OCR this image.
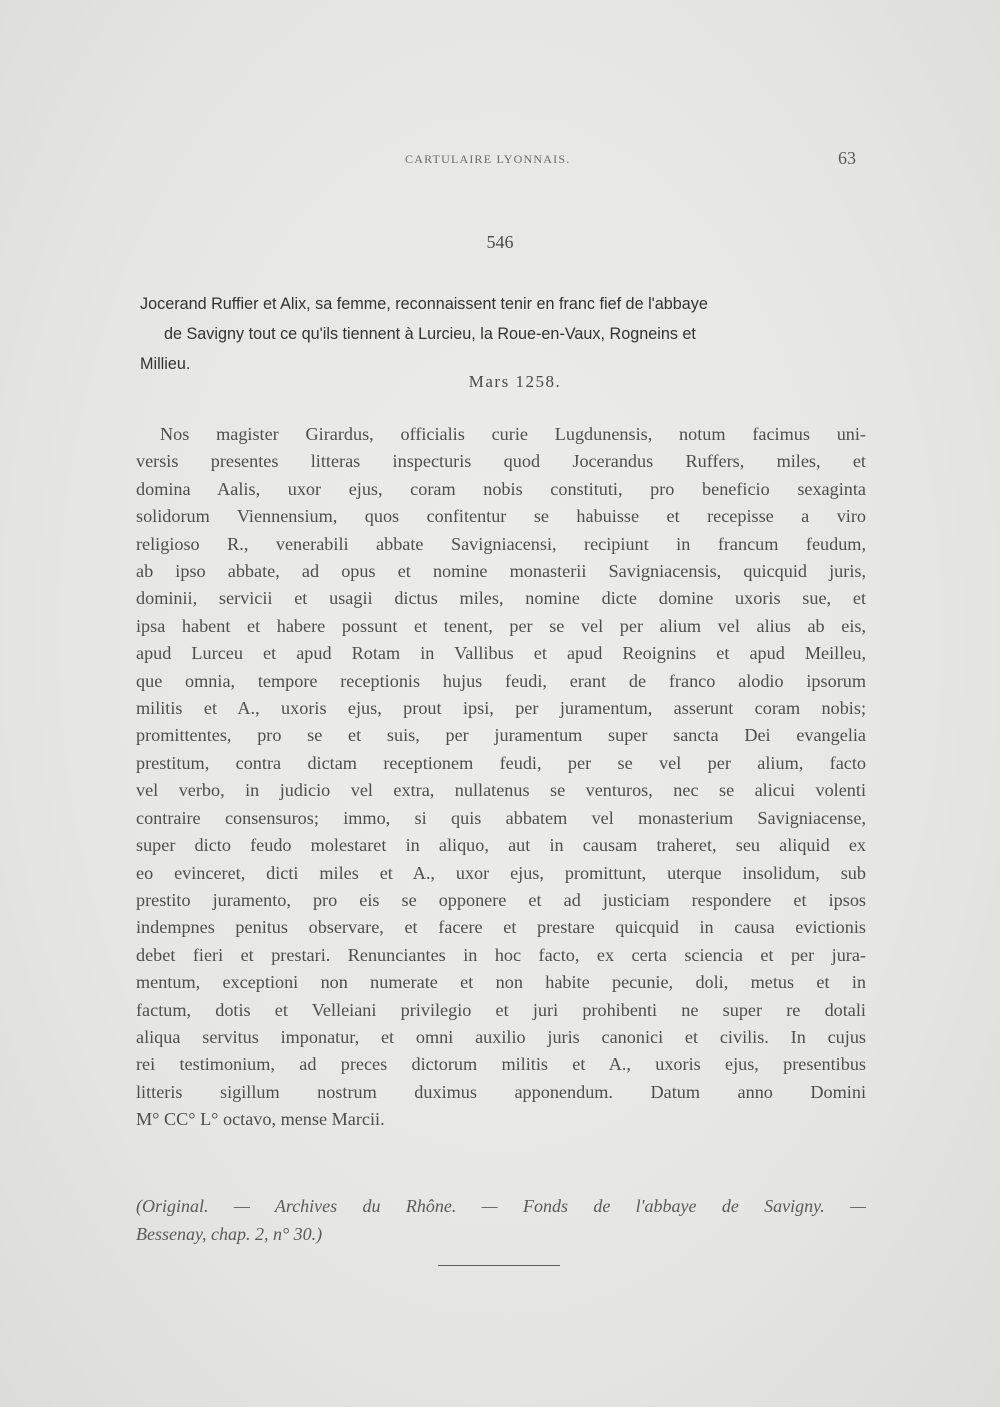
CARTULAIRE LYONNAIS.	63
546
Jocerand Ruffier et Alix, sa femme, reconnaissent tenir en franc fief de l'abbaye
de Savigny tout ce qu'ils tiennent à Lurcieu, la Roue-en-Vaux, Rogneins et
Millieu.
Mars 1258.
Nos magister Girardus, officialis curie Lugdunensis, notum facimus uni-
versis presentes litteras inspecturis quod Jocerandus Ruffers, miles, et
domina Aalis, uxor ejus, coram nobis constituti, pro beneficio sexaginta
solidorum Viennensium, quos confitentur se habuisse et recepisse a viro
religioso R., venerabili abbate Savigniacensi, recipiunt in francum feudum,
ab ipso abbate, ad opus et nomine monasterii Savigniacensis, quicquid juris,
dominii, servicii et usagii dictus miles, nomine dicte domine uxoris sue, et
ipsa habent et habere possunt et tenent, per se vel per alium vel alius ab eis,
apud Lurceu et apud Rotam in Vallibus et apud Reoignins et apud Meilleu,
que omnia, tempore receptionis hujus feudi, erant de franco alodio ipsorum
militis et A., uxoris ejus, prout ipsi, per juramentum, asserunt coram nobis;
promittentes, pro se et suis, per juramentum super sancta Dei evangelia
prestitum, contra dictam receptionem feudi, per se vel per alium, facto
vel verbo, in judicio vel extra, nullatenus se venturos, nec se alicui volenti
contraire consensuros; immo, si quis abbatem vel monasterium Savigniacense,
super dicto feudo molestaret in aliquo, aut in causam traheret, seu aliquid ex
eo evinceret, dicti miles et A., uxor ejus, promittunt, uterque insolidum, sub
prestito juramento, pro eis se opponere et ad justiciam respondere et ipsos
indempnes penitus observare, et facere et prestare quicquid in causa evictionis
debet fieri et prestari. Renunciantes in hoc facto, ex certa sciencia et per jura-
mentum, exceptioni non numerate et non habite pecunie, doli, metus et in
factum, dotis et Velleiani privilegio et juri prohibenti ne super re dotali
aliqua servitus imponatur, et omni auxilio juris canonici et civilis. In cujus
rei testimonium, ad preces dictorum militis et A., uxoris ejus, presentibus
litteris sigillum nostrum duximus apponendum. Datum anno Domini
M° CC° L° octavo, mense Marcii.
(Original. — Archives du Rhône. — Fonds de l'abbaye de Savigny. —
Bessenay, chap. 2, n° 30.)
